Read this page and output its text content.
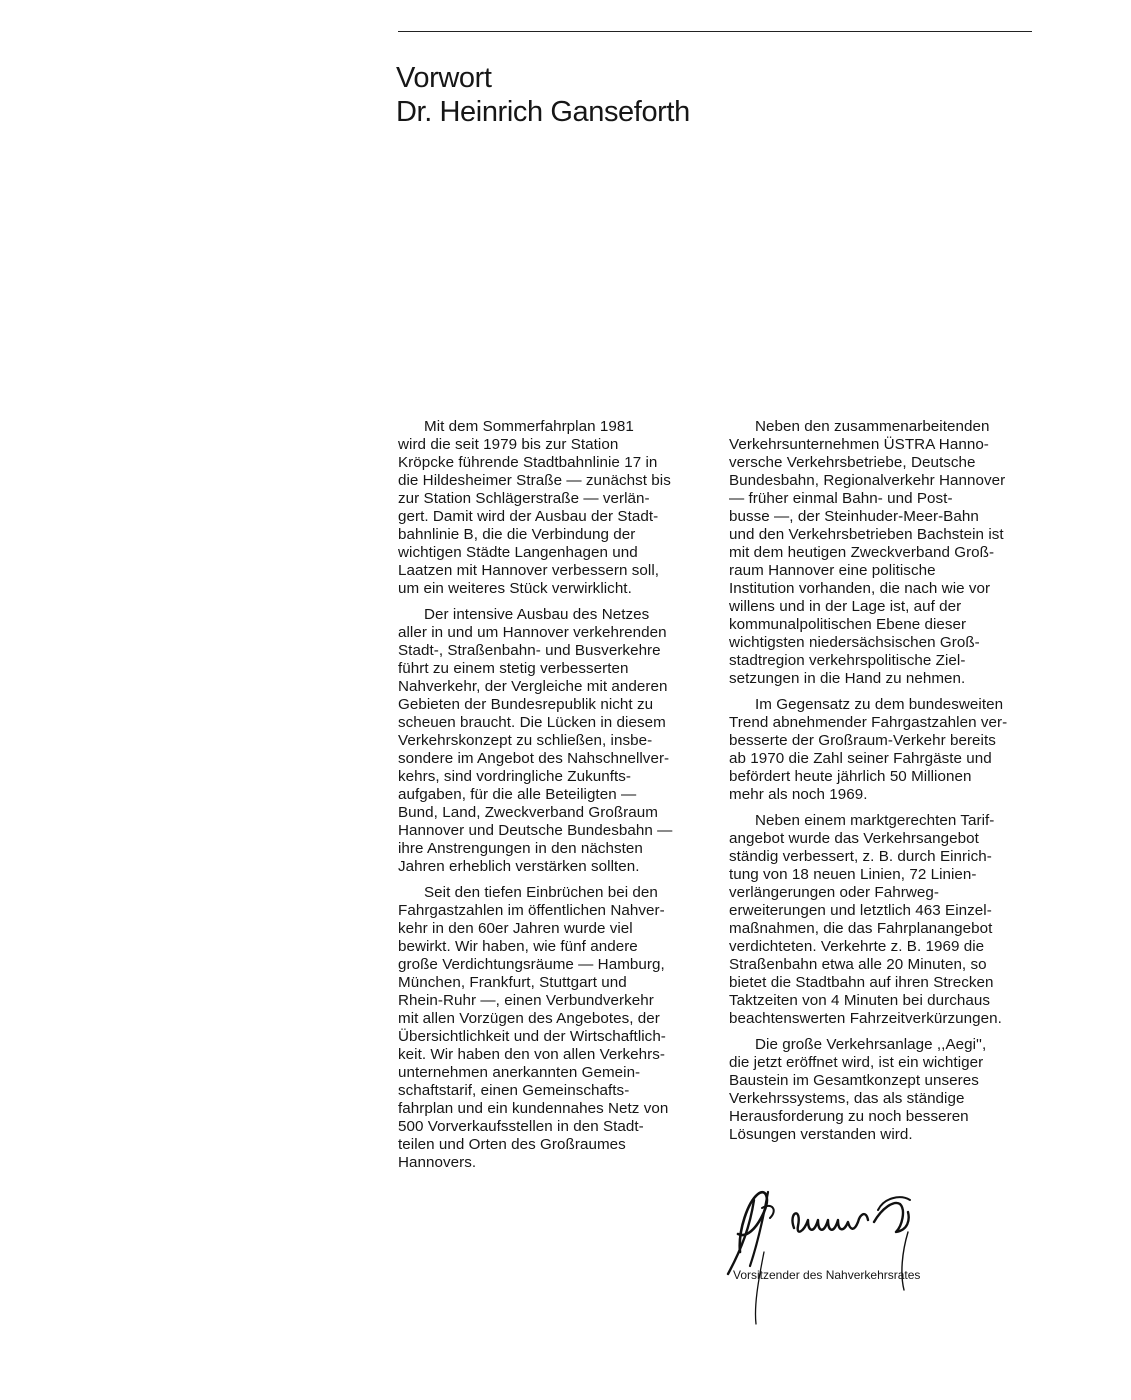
Vorwort
Dr. Heinrich Ganseforth
Mit dem Sommerfahrplan 1981
wird die seit 1979 bis zur Station
Kröpcke führende Stadtbahnlinie 17 in
die Hildesheimer Straße — zunächst bis
zur Station Schlägerstraße — verlän-
gert. Damit wird der Ausbau der Stadt-
bahnlinie B, die die Verbindung der
wichtigen Städte Langenhagen und
Laatzen mit Hannover verbessern soll,
um ein weiteres Stück verwirklicht.
Der intensive Ausbau des Netzes
aller in und um Hannover verkehrenden
Stadt-, Straßenbahn- und Busverkehre
führt zu einem stetig verbesserten
Nahverkehr, der Vergleiche mit anderen
Gebieten der Bundesrepublik nicht zu
scheuen braucht. Die Lücken in diesem
Verkehrskonzept zu schließen, insbe-
sondere im Angebot des Nahschnellver-
kehrs, sind vordringliche Zukunfts-
aufgaben, für die alle Beteiligten —
Bund, Land, Zweckverband Großraum
Hannover und Deutsche Bundesbahn —
ihre Anstrengungen in den nächsten
Jahren erheblich verstärken sollten.
Seit den tiefen Einbrüchen bei den
Fahrgastzahlen im öffentlichen Nahver-
kehr in den 60er Jahren wurde viel
bewirkt. Wir haben, wie fünf andere
große Verdichtungsräume — Hamburg,
München, Frankfurt, Stuttgart und
Rhein-Ruhr —, einen Verbundverkehr
mit allen Vorzügen des Angebotes, der
Übersichtlichkeit und der Wirtschaftlich-
keit. Wir haben den von allen Verkehrs-
unternehmen anerkannten Gemein-
schaftstarif, einen Gemeinschafts-
fahrplan und ein kundennahes Netz von
500 Vorverkaufsstellen in den Stadt-
teilen und Orten des Großraumes
Hannovers.
Neben den zusammenarbeitenden
Verkehrsunternehmen ÜSTRA Hanno-
versche Verkehrsbetriebe, Deutsche
Bundesbahn, Regionalverkehr Hannover
— früher einmal Bahn- und Post-
busse —, der Steinhuder-Meer-Bahn
und den Verkehrsbetrieben Bachstein ist
mit dem heutigen Zweckverband Groß-
raum Hannover eine politische
Institution vorhanden, die nach wie vor
willens und in der Lage ist, auf der
kommunalpolitischen Ebene dieser
wichtigsten niedersächsischen Groß-
stadtregion verkehrspolitische Ziel-
setzungen in die Hand zu nehmen.
Im Gegensatz zu dem bundesweiten
Trend abnehmender Fahrgastzahlen ver-
besserte der Großraum-Verkehr bereits
ab 1970 die Zahl seiner Fahrgäste und
befördert heute jährlich 50 Millionen
mehr als noch 1969.
Neben einem marktgerechten Tarif-
angebot wurde das Verkehrsangebot
ständig verbessert, z. B. durch Einrich-
tung von 18 neuen Linien, 72 Linien-
verlängerungen oder Fahrweg-
erweiterungen und letztlich 463 Einzel-
maßnahmen, die das Fahrplanangebot
verdichteten. Verkehrte z. B. 1969 die
Straßenbahn etwa alle 20 Minuten, so
bietet die Stadtbahn auf ihren Strecken
Taktzeiten von 4 Minuten bei durchaus
beachtenswerten Fahrzeitverkürzungen.
Die große Verkehrsanlage ,,Aegi'',
die jetzt eröffnet wird, ist ein wichtiger
Baustein im Gesamtkonzept unseres
Verkehrssystems, das als ständige
Herausforderung zu noch besseren
Lösungen verstanden wird.
Vorsitzender des Nahverkehrsrates
